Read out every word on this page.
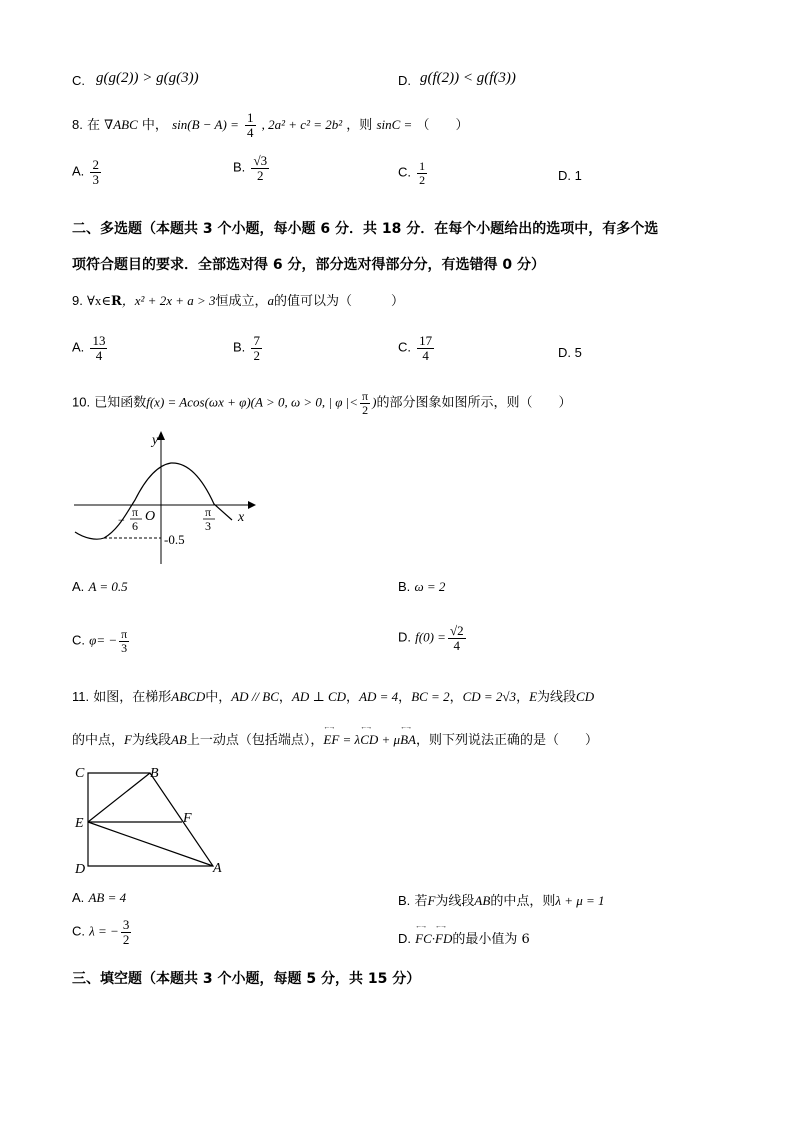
C. g(g(2)) > g(g(3))	D. g(f(2)) < g(f(3))
8. 在 ∇ABC 中， $\sin(B - A) = \frac{1}{4}$ , 2a² + c² = 2b² ，则 sinC = （　　）
A. $\frac{2}{3}$	B. $\frac{√3}{2}$	C. $\frac{1}{2}$	D. 1
二、多选题（本题共 3 个小题，每小题 6 分．共 18 分．在每个小题给出的选项中，有多个选
项符合题目的要求．全部选对得 6 分，部分选对得部分分，有选错得 0 分）
9. ∀x∈R，x² + 2x + a > 3恒成立，a的值可以为（　　　）
A. $\frac{13}{4}$	B. $\frac{7}{2}$	C. $\frac{17}{4}$	D. 5
10. 已知函数f(x) = Acos(ωx + φ)(A > 0, ω > 0, | φ |< $\frac{\pi}{2}$ )的部分图象如图所示，则（　　）
y
x
O
−
π
6
π
3
-0.5
A. A = 0.5	B. ω = 2
C. $\varphi= - \frac{\pi}{3}$	D. $f(0) = \frac{√2}{4}$
11. 如图，在梯形ABCD中，AD // BC，AD ⊥ CD，AD = 4，BC = 2，CD = 2√3，E为线段CD
的中点，F为线段AB上一动点（包括端点），←→ EF = λ←→ CD + μ←→ BA，则下列说法正确的是（　　）
C	B
E	F
D	A
A. AB = 4	B. 若F为线段AB的中点，则λ + μ = 1
C. λ = − $\frac{3}{2}$	D. ←→ FC·←→ FD的最小值为 6
三、填空题（本题共 3 个小题，每题 5 分，共 15 分）
